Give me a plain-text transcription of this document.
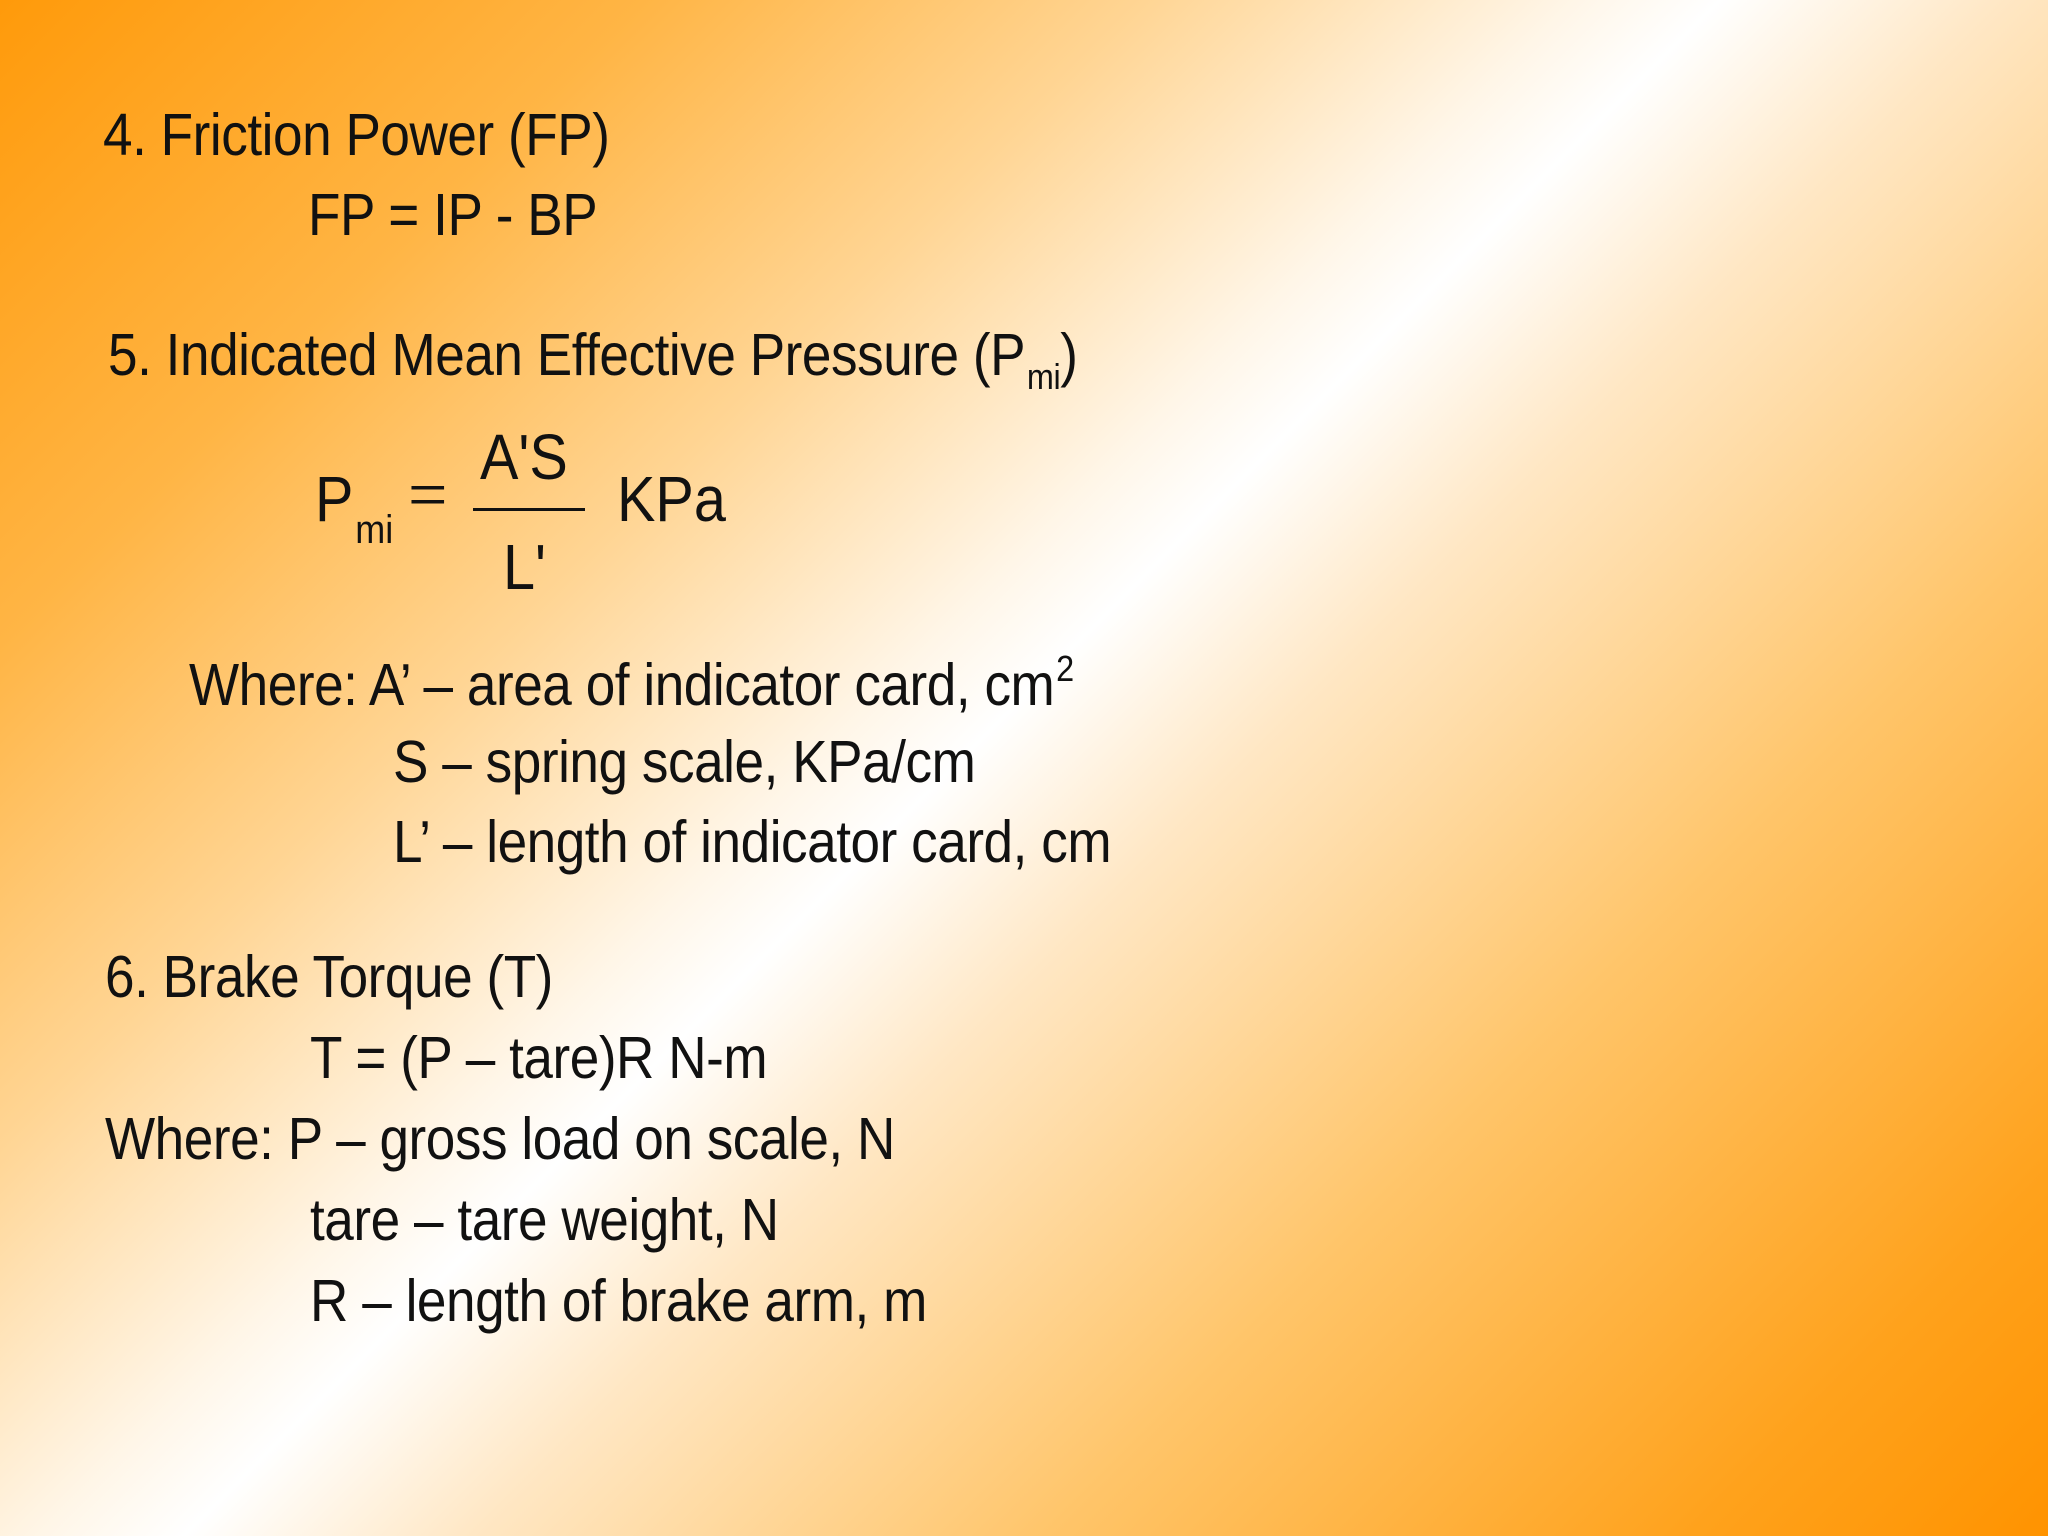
4. Friction Power (FP)
FP = IP - BP
5. Indicated Mean Effective Pressure $(P_{mi})$
$P_{mi} = A'S$
L'
KPa
Where: A’ – area of indicator card, $cm^2$
S – spring scale, KPa/cm
L’ – length of indicator card, cm
6. Brake Torque (T)
T = (P – tare)R N-m
Where: P – gross load on scale, N
tare – tare weight, N
R – length of brake arm, m
